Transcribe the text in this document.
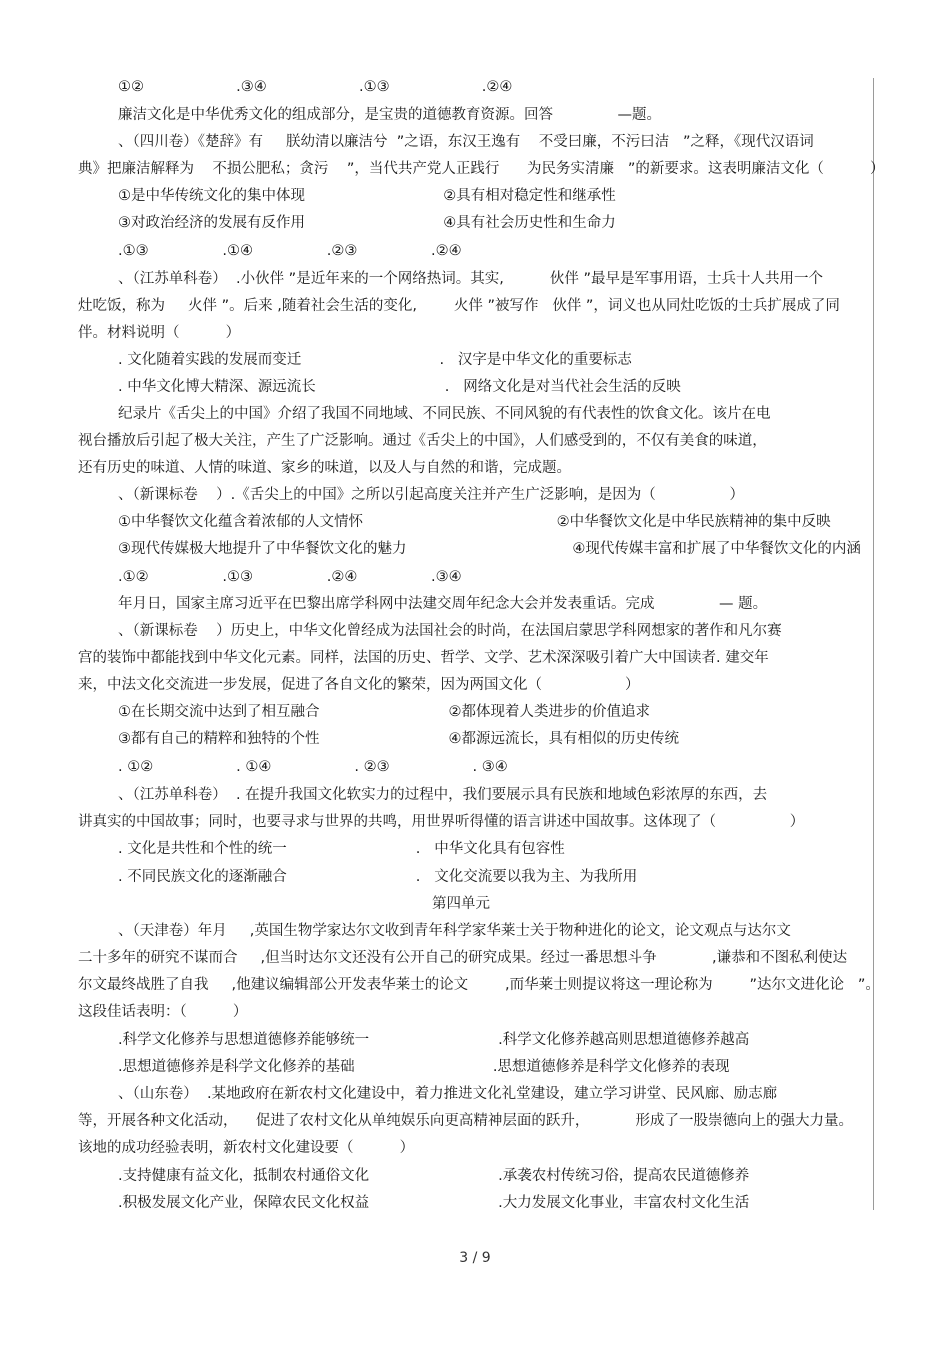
①②                    .③④                    .①③                    .②④
廉洁文化是中华优秀文化的组成部分，是宝贵的道德教育资源。回答              —题。
、（四川卷）《楚辞》有     朕幼清以廉洁兮  ”之语，东汉王逸有    不受曰廉，不污曰洁   ”之释，《现代汉语词
典》把廉洁解释为    不损公肥私；贪污    ”，当代共产党人正践行      为民务实清廉   ”的新要求。这表明廉洁文化（          ）
①是中华传统文化的集中体现                              ②具有相对稳定性和继承性
③对政治经济的发展有反作用                              ④具有社会历史性和生命力
.①③                .①④                .②③                .②④
、（江苏单科卷）  .小伙伴 ”是近年来的一个网络热词。其实,          伙伴 ”最早是军事用语，士兵十人共用一个
灶吃饭，称为     火伴 ”。后来 ,随着社会生活的变化,        火伴 ”被写作   伙伴 ”，词义也从同灶吃饭的士兵扩展成了同
伴。材料说明（          ）
. 文化随着实践的发展而变迁                              .   汉字是中华文化的重要标志
. 中华文化博大精深、源远流长                            .   网络文化是对当代社会生活的反映
纪录片《舌尖上的中国》介绍了我国不同地域、不同民族、不同风貌的有代表性的饮食文化。该片在电
视台播放后引起了极大关注，产生了广泛影响。通过《舌尖上的中国》，人们感受到的，不仅有美食的味道，
还有历史的味道、人情的味道、家乡的味道，以及人与自然的和谐，完成题。
、（新课标卷    ）.《舌尖上的中国》之所以引起高度关注并产生广泛影响，是因为（                ）
①中华餐饮文化蕴含着浓郁的人文情怀                                          ②中华餐饮文化是中华民族精神的集中反映
③现代传媒极大地提升了中华餐饮文化的魅力                                    ④现代传媒丰富和扩展了中华餐饮文化的内涵
.①②                .①③                .②④                .③④
年月日，国家主席习近平在巴黎出席学科网中法建交周年纪念大会并发表重话。完成              — 题。
、（新课标卷    ）历史上，中华文化曾经成为法国社会的时尚，在法国启蒙思学科网想家的著作和凡尔赛
宫的装饰中都能找到中华文化元素。同样，法国的历史、哲学、文学、艺术深深吸引着广大中国读者. 建交年
来，中法文化交流进一步发展，促进了各自文化的繁荣，因为两国文化（                  ）
①在长期交流中达到了相互融合                            ②都体现着人类进步的价值追求
③都有自己的精粹和独特的个性                            ④都源远流长，具有相似的历史传统
. ①②                  . ①④                  . ②③                  . ③④
、（江苏单科卷）  . 在提升我国文化软实力的过程中，我们要展示具有民族和地域色彩浓厚的东西，去
讲真实的中国故事；同时，也要寻求与世界的共鸣，用世界听得懂的语言讲述中国故事。这体现了（                ）
. 文化是共性和个性的统一                            .   中华文化具有包容性
. 不同民族文化的逐渐融合                            .   文化交流要以我为主、为我所用
第四单元
、（天津卷）年月     ,英国生物学家达尔文收到青年科学家华莱士关于物种进化的论文，论文观点与达尔文
二十多年的研究不谋而合     ,但当时达尔文还没有公开自己的研究成果。经过一番思想斗争            ,谦恭和不图私利使达
尔文最终战胜了自我     ,他建议编辑部公开发表华莱士的论文        ,而华莱士则提议将这一理论称为        ”达尔文进化论   ”。
这段佳话表明：（          ）
.科学文化修养与思想道德修养能够统一                            .科学文化修养越高则思想道德修养越高
.思想道德修养是科学文化修养的基础                              .思想道德修养是科学文化修养的表现
、（山东卷）  .某地政府在新农村文化建设中，着力推进文化礼堂建设，建立学习讲堂、民风廊、励志廊
等，开展各种文化活动，    促进了农村文化从单纯娱乐向更高精神层面的跃升，          形成了一股崇德向上的强大力量。
该地的成功经验表明，新农村文化建设要（          ）
.支持健康有益文化，抵制农村通俗文化                            .承袭农村传统习俗，提高农民道德修养
.积极发展文化产业，保障农民文化权益                            .大力发展文化事业，丰富农村文化生活
3 / 9
